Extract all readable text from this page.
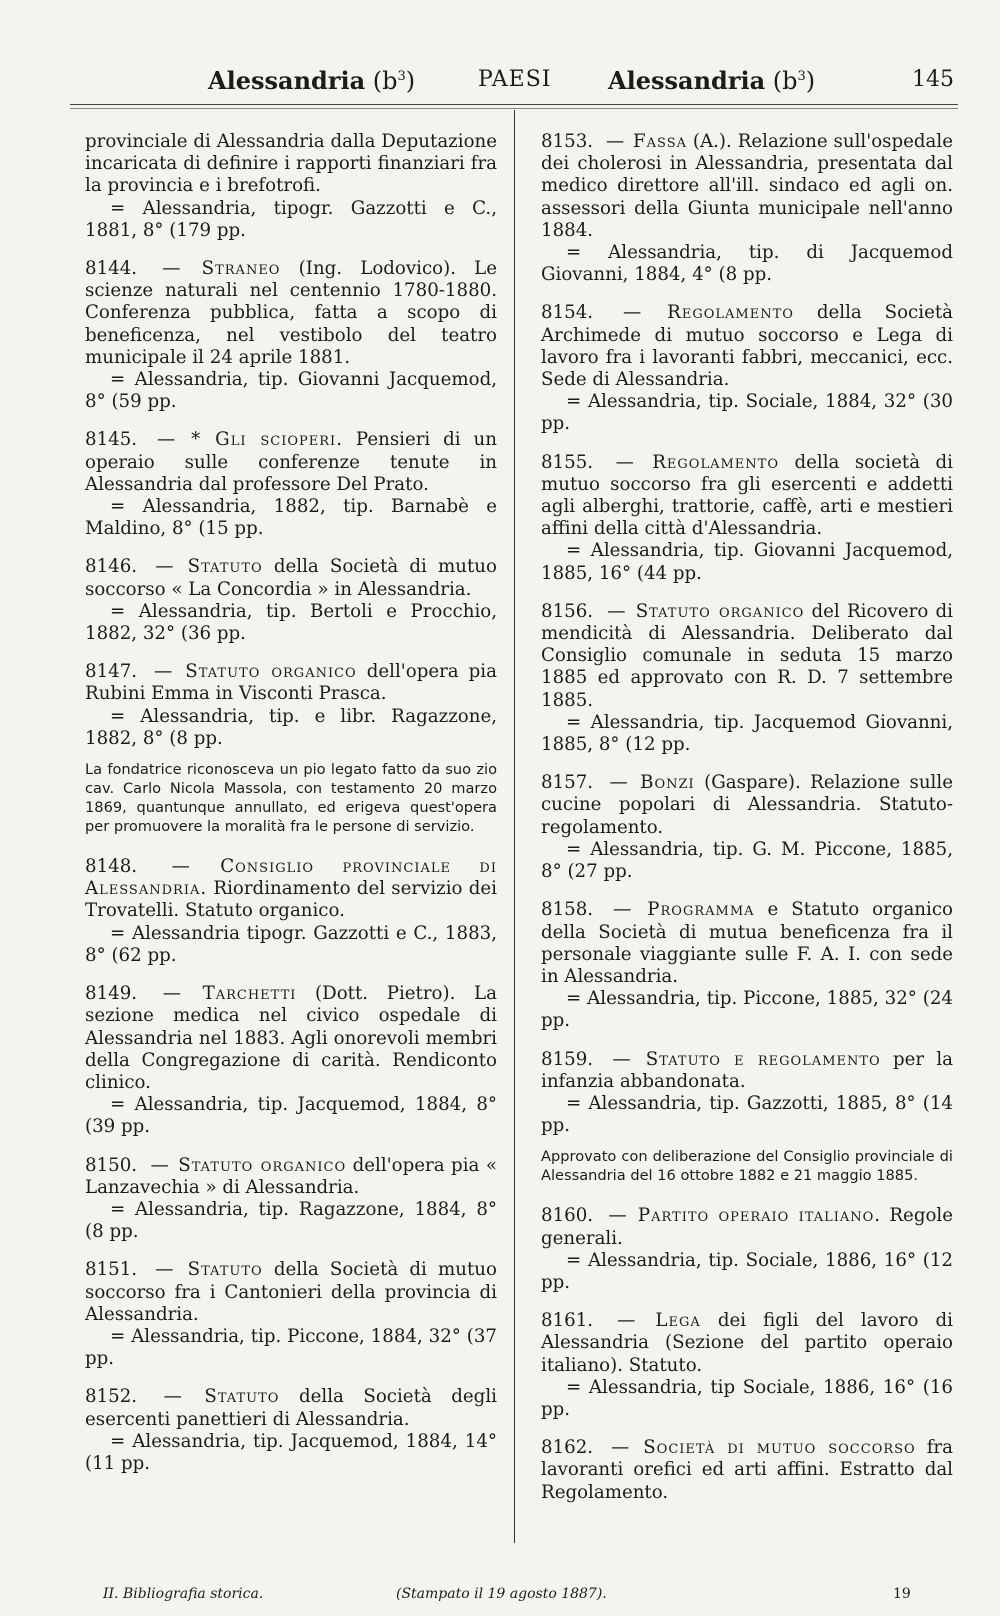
Alessandria $(b^3)$	PAESI Alessandria $(b^3)$	145
provinciale di Alessandria dalla Deputazione incaricata di definire i rapporti finanziari fra la provincia e i brefotrofi.
= Alessandria, tipogr. Gazzotti e C., 1881, 8° (179 pp.
8144. — Straneo (Ing. Lodovico). Le scienze naturali nel centennio 1780-1880. Conferenza pubblica, fatta a scopo di beneficenza, nel vestibolo del teatro municipale il 24 aprile 1881.
= Alessandria, tip. Giovanni Jacquemod, 8° (59 pp.
8145. — * Gli scioperi. Pensieri di un operaio sulle conferenze tenute in Alessandria dal professore Del Prato.
= Alessandria, 1882, tip. Barnabè e Maldino, 8° (15 pp.
8146. — Statuto della Società di mutuo soccorso « La Concordia » in Alessandria.
= Alessandria, tip. Bertoli e Procchio, 1882, 32° (36 pp.
8147. — Statuto organico dell'opera pia Rubini Emma in Visconti Prasca.
= Alessandria, tip. e libr. Ragazzone, 1882, 8° (8 pp.
La fondatrice riconosceva un pio legato fatto da suo zio cav. Carlo Nicola Massola, con testamento 20 marzo 1869, quantunque annullato, ed erigeva quest'opera per promuovere la moralità fra le persone di servizio.
8148. — Consiglio provinciale di Alessandria. Riordinamento del servizio dei Trovatelli. Statuto organico.
= Alessandria tipogr. Gazzotti e C., 1883, 8° (62 pp.
8149. — Tarchetti (Dott. Pietro). La sezione medica nel civico ospedale di Alessandria nel 1883. Agli onorevoli membri della Congregazione di carità. Rendiconto clinico.
= Alessandria, tip. Jacquemod, 1884, 8° (39 pp.
8150. — Statuto organico dell'opera pia « Lanzavechia » di Alessandria.
= Alessandria, tip. Ragazzone, 1884, 8° (8 pp.
8151. — Statuto della Società di mutuo soccorso fra i Cantonieri della provincia di Alessandria.
= Alessandria, tip. Piccone, 1884, 32° (37 pp.
8152. — Statuto della Società degli esercenti panettieri di Alessandria.
= Alessandria, tip. Jacquemod, 1884, 14° (11 pp.
8153. — Fassa (A.). Relazione sull'ospedale dei cholerosi in Alessandria, presentata dal medico direttore all'ill. sindaco ed agli on. assessori della Giunta municipale nell'anno 1884.
= Alessandria, tip. di Jacquemod Giovanni, 1884, 4° (8 pp.
8154. — Regolamento della Società Archimede di mutuo soccorso e Lega di lavoro fra i lavoranti fabbri, meccanici, ecc. Sede di Alessandria.
= Alessandria, tip. Sociale, 1884, 32° (30 pp.
8155. — Regolamento della società di mutuo soccorso fra gli esercenti e addetti agli alberghi, trattorie, caffè, arti e mestieri affini della città d'Alessandria.
= Alessandria, tip. Giovanni Jacquemod, 1885, 16° (44 pp.
8156. — Statuto organico del Ricovero di mendicità di Alessandria. Deliberato dal Consiglio comunale in seduta 15 marzo 1885 ed approvato con R. D. 7 settembre 1885.
= Alessandria, tip. Jacquemod Giovanni, 1885, 8° (12 pp.
8157. — Bonzi (Gaspare). Relazione sulle cucine popolari di Alessandria. Statuto-regolamento.
= Alessandria, tip. G. M. Piccone, 1885, 8° (27 pp.
8158. — Programma e Statuto organico della Società di mutua beneficenza fra il personale viaggiante sulle F. A. I. con sede in Alessandria.
= Alessandria, tip. Piccone, 1885, 32° (24 pp.
8159. — Statuto e regolamento per la infanzia abbandonata.
= Alessandria, tip. Gazzotti, 1885, 8° (14 pp.
Approvato con deliberazione del Consiglio provinciale di Alessandria del 16 ottobre 1882 e 21 maggio 1885.
8160. — Partito operaio italiano. Regole generali.
= Alessandria, tip. Sociale, 1886, 16° (12 pp.
8161. — Lega dei figli del lavoro di Alessandria (Sezione del partito operaio italiano). Statuto.
= Alessandria, tip Sociale, 1886, 16° (16 pp.
8162. — Società di mutuo soccorso fra lavoranti orefici ed arti affini. Estratto dal Regolamento.
II. Bibliografia storica.	(Stampato il 19 agosto 1887).	19
